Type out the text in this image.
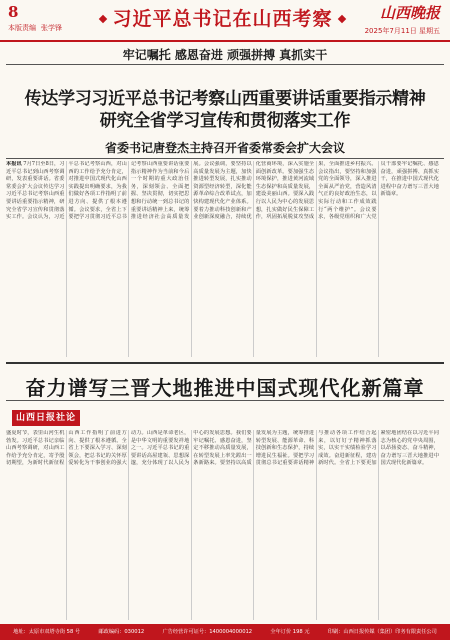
8
本版责编 张学锋	习近平总书记在山西考察	山西晚报
2025年7月11日 星期五
牢记嘱托 感恩奋进 顽强拼搏 真抓实干
传达学习习近平总书记考察山西重要讲话重要指示精神
研究全省学习宣传和贯彻落实工作
省委书记唐登杰主持召开省委常委会扩大会议
本报讯 7月7日至8日，习近平总书记到山西考察调研，发表重要讲话。省委常委会扩大会议传达学习习近平总书记考察山西重要讲话重要指示精神，研究全省学习宣传和贯彻落实工作。会议认为，习近平总书记考察山西，对山西的工作给予充分肯定，对推进中国式现代化山西实践提出明确要求，为我们做好各项工作指明了前进方向、提供了根本遵循。会议要求，全省上下要把学习贯彻习近平总书记考察山西重要讲话重要指示精神作为当前和今后一个时期的重大政治任务，深刻领会、全面把握、坚决贯彻，切实把思想和行动统一到总书记的重要讲话精神上来，统筹推进经济社会高质量发展。会议强调，要坚持以高质量发展为主题，加快推进转型发展，扎实推动资源型经济转型，深化能源革命综合改革试点，加快构建现代化产业体系。要着力推动科技创新和产业创新深度融合，持续优化营商环境，深入实施全面创新改革。要加强生态环境保护，推进黄河流域生态保护和高质量发展，建设美丽山西。要深入践行以人民为中心的发展思想，扎实做好民生保障工作，巩固拓展脱贫攻坚成果，全面推进乡村振兴。会议指出，要坚持和加强党的全面领导，深入推进全面从严治党，营造风清气正的良好政治生态，以实际行动和工作成效践行“两个维护”。会议要求，各级党组织和广大党员干部要牢记嘱托、感恩奋进，顽强拼搏、真抓实干，在推进中国式现代化进程中奋力谱写三晋大地新篇章。
奋力谱写三晋大地推进中国式现代化新篇章
山西日报社论
盛夏时节，表里山河生机勃发。习近平总书记亲临山西考察调研，对山西工作给予充分肯定，寄予殷切期望，为新时代新征程山西工作指明了前进方向、提供了根本遵循。全省上下要深入学习、深刻领会，把总书记的关怀厚爱转化为干事创业的强大动力。山西是革命老区，是中华文明的重要发祥地之一。习近平总书记的重要讲话高屋建瓴、思想深邃，充分体现了以人民为中心的发展思想。我们要牢记嘱托、感恩奋进，坚定不移推动高质量发展，在转型发展上率先蹚出一条新路来。要坚持以高质量发展为主题，统筹推进转型发展、能源革命、科技创新和生态保护，持续增进民生福祉。要把学习贯彻总书记重要讲话精神与推动各项工作结合起来，以钉钉子精神抓落实，以实干实绩检验学习成效。奋进新征程，建功新时代。全省上下要更加紧密地团结在以习近平同志为核心的党中央周围，以昂扬姿态、奋斗精神，奋力谱写三晋大地推进中国式现代化新篇章。
地址：太原市双塔寺街 58 号	邮政编码：030012	广告经营许可证号：1400004000012	全年订价 198 元	印刷：山西日报传媒（集团）印务有限责任公司
